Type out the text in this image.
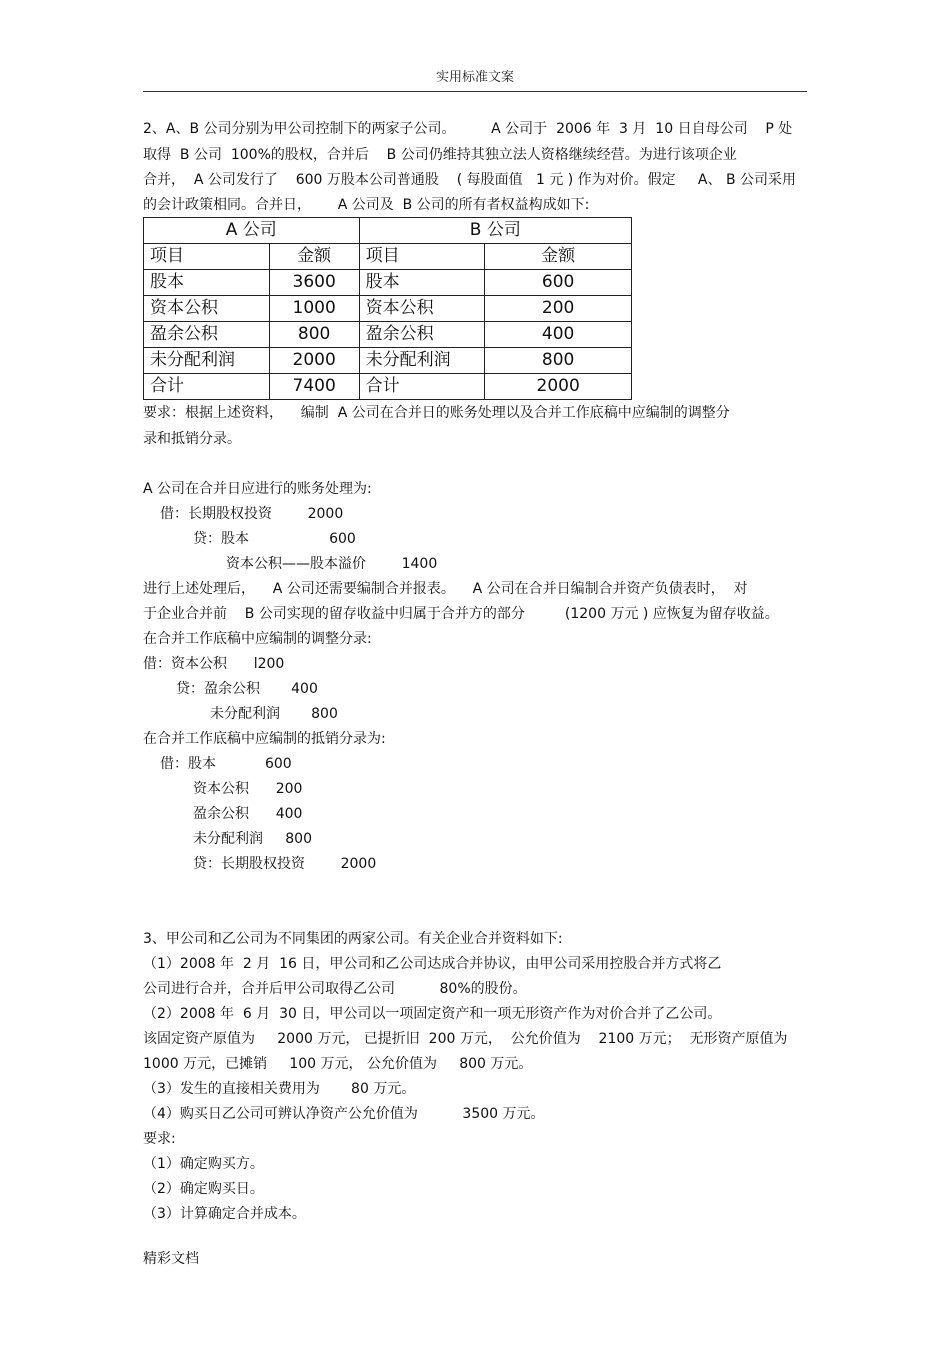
实用标准文案
2、A、B 公司分别为甲公司控制下的两家子公司。        A 公司于  2006 年  3 月  10 日自母公司    P 处
取得  B 公司  100%的股权，合并后    B 公司仍维持其独立法人资格继续经营。为进行该项企业
合并，  A 公司发行了    600 万股本公司普通股    ( 每股面值   1 元 ) 作为对价。假定     A、 B 公司采用
的会计政策相同。合并日，      A 公司及  B 公司的所有者权益构成如下:
A 公司		B 公司	
项目	金额	项目	金额
股本	3600	股本	600
资本公积	1000	资本公积	200
盈余公积	800	盈余公积	400
未分配利润	2000	未分配利润	800
合计	7400	合计	2000
要求：根据上述资料，    编制  A 公司在合并日的账务处理以及合并工作底稿中应编制的调整分
录和抵销分录。
A 公司在合并日应进行的账务处理为:
借：长期股权投资        2000
贷：股本                  600
资本公积——股本溢价        1400
进行上述处理后，    A 公司还需要编制合并报表。    A 公司在合并日编制合并资产负债表时，  对
于企业合并前    B 公司实现的留存收益中归属于合并方的部分         (1200 万元 ) 应恢复为留存收益。
在合并工作底稿中应编制的调整分录:
借：资本公积      l200
贷：盈余公积       400
未分配利润       800
在合并工作底稿中应编制的抵销分录为:
借：股本           600
资本公积      200
盈余公积      400
未分配利润     800
贷：长期股权投资        2000
3、甲公司和乙公司为不同集团的两家公司。有关企业合并资料如下:
（1）2008 年  2 月  16 日，甲公司和乙公司达成合并协议，由甲公司采用控股合并方式将乙
公司进行合并，合并后甲公司取得乙公司          80%的股份。
（2）2008 年  6 月  30 日，甲公司以一项固定资产和一项无形资产作为对价合并了乙公司。
该固定资产原值为     2000 万元， 已提折旧  200 万元，  公允价值为    2100 万元；  无形资产原值为
1000 万元，已摊销     100 万元， 公允价值为     800 万元。
（3）发生的直接相关费用为       80 万元。
（4）购买日乙公司可辨认净资产公允价值为          3500 万元。
要求:
（1）确定购买方。
（2）确定购买日。
（3）计算确定合并成本。
精彩文档
